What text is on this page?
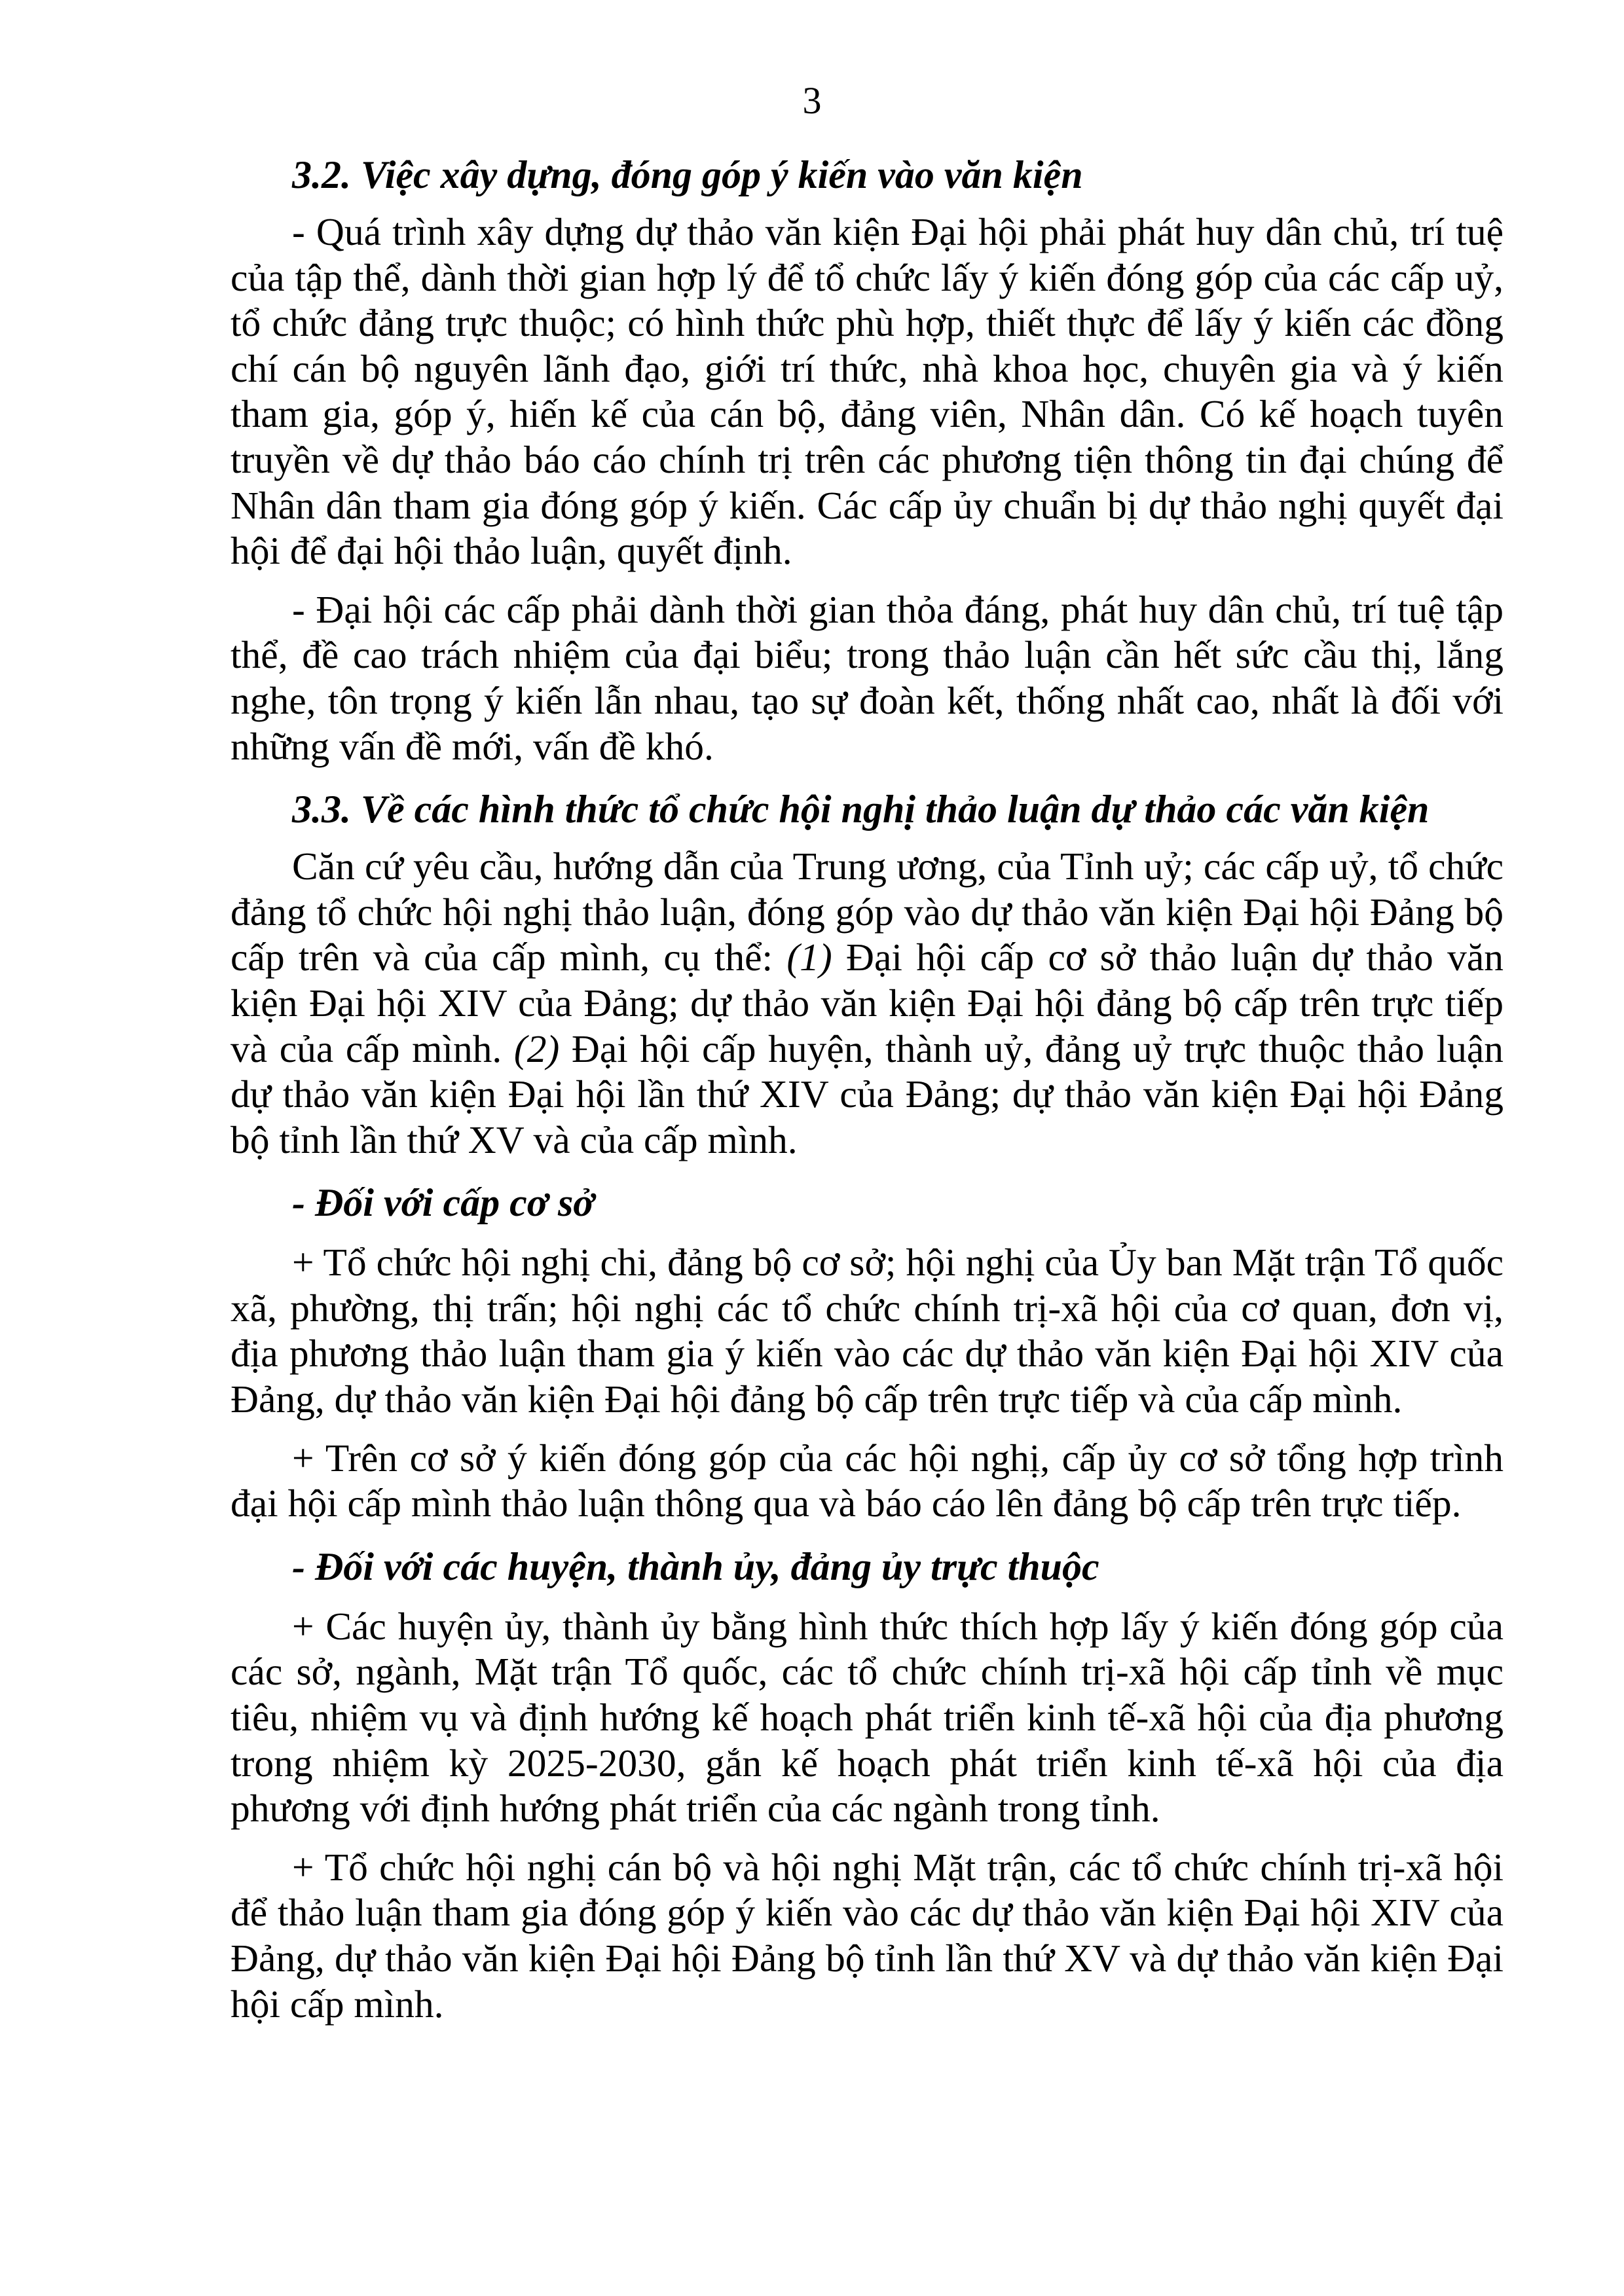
3

3.2. Việc xây dựng, đóng góp ý kiến vào văn kiện

- Quá trình xây dựng dự thảo văn kiện Đại hội phải phát huy dân chủ, trí tuệ của tập thể, dành thời gian hợp lý để tổ chức lấy ý kiến đóng góp của các cấp uỷ, tổ chức đảng trực thuộc; có hình thức phù hợp, thiết thực để lấy ý kiến các đồng chí cán bộ nguyên lãnh đạo, giới trí thức, nhà khoa học, chuyên gia và ý kiến tham gia, góp ý, hiến kế của cán bộ, đảng viên, Nhân dân. Có kế hoạch tuyên truyền về dự thảo báo cáo chính trị trên các phương tiện thông tin đại chúng để Nhân dân tham gia đóng góp ý kiến. Các cấp ủy chuẩn bị dự thảo nghị quyết đại hội để đại hội thảo luận, quyết định.

- Đại hội các cấp phải dành thời gian thỏa đáng, phát huy dân chủ, trí tuệ tập thể, đề cao trách nhiệm của đại biểu; trong thảo luận cần hết sức cầu thị, lắng nghe, tôn trọng ý kiến lẫn nhau, tạo sự đoàn kết, thống nhất cao, nhất là đối với những vấn đề mới, vấn đề khó.

3.3. Về các hình thức tổ chức hội nghị thảo luận dự thảo các văn kiện

Căn cứ yêu cầu, hướng dẫn của Trung ương, của Tỉnh uỷ; các cấp uỷ, tổ chức đảng tổ chức hội nghị thảo luận, đóng góp vào dự thảo văn kiện Đại hội Đảng bộ cấp trên và của cấp mình, cụ thể: (1) Đại hội cấp cơ sở thảo luận dự thảo văn kiện Đại hội XIV của Đảng; dự thảo văn kiện Đại hội đảng bộ cấp trên trực tiếp và của cấp mình. (2) Đại hội cấp huyện, thành uỷ, đảng uỷ trực thuộc thảo luận dự thảo văn kiện Đại hội lần thứ XIV của Đảng; dự thảo văn kiện Đại hội Đảng bộ tỉnh lần thứ XV và của cấp mình.

- Đối với cấp cơ sở

+ Tổ chức hội nghị chi, đảng bộ cơ sở; hội nghị của Ủy ban Mặt trận Tổ quốc xã, phường, thị trấn; hội nghị các tổ chức chính trị-xã hội của cơ quan, đơn vị, địa phương thảo luận tham gia ý kiến vào các dự thảo văn kiện Đại hội XIV của Đảng, dự thảo văn kiện Đại hội đảng bộ cấp trên trực tiếp và của cấp mình.

+ Trên cơ sở ý kiến đóng góp của các hội nghị, cấp ủy cơ sở tổng hợp trình đại hội cấp mình thảo luận thông qua và báo cáo lên đảng bộ cấp trên trực tiếp.

- Đối với các huyện, thành ủy, đảng ủy trực thuộc

+ Các huyện ủy, thành ủy bằng hình thức thích hợp lấy ý kiến đóng góp của các sở, ngành, Mặt trận Tổ quốc, các tổ chức chính trị-xã hội cấp tỉnh về mục tiêu, nhiệm vụ và định hướng kế hoạch phát triển kinh tế-xã hội của địa phương trong nhiệm kỳ 2025-2030, gắn kế hoạch phát triển kinh tế-xã hội của địa phương với định hướng phát triển của các ngành trong tỉnh.

+ Tổ chức hội nghị cán bộ và hội nghị Mặt trận, các tổ chức chính trị-xã hội để thảo luận tham gia đóng góp ý kiến vào các dự thảo văn kiện Đại hội XIV của Đảng, dự thảo văn kiện Đại hội Đảng bộ tỉnh lần thứ XV và dự thảo văn kiện Đại hội cấp mình.
